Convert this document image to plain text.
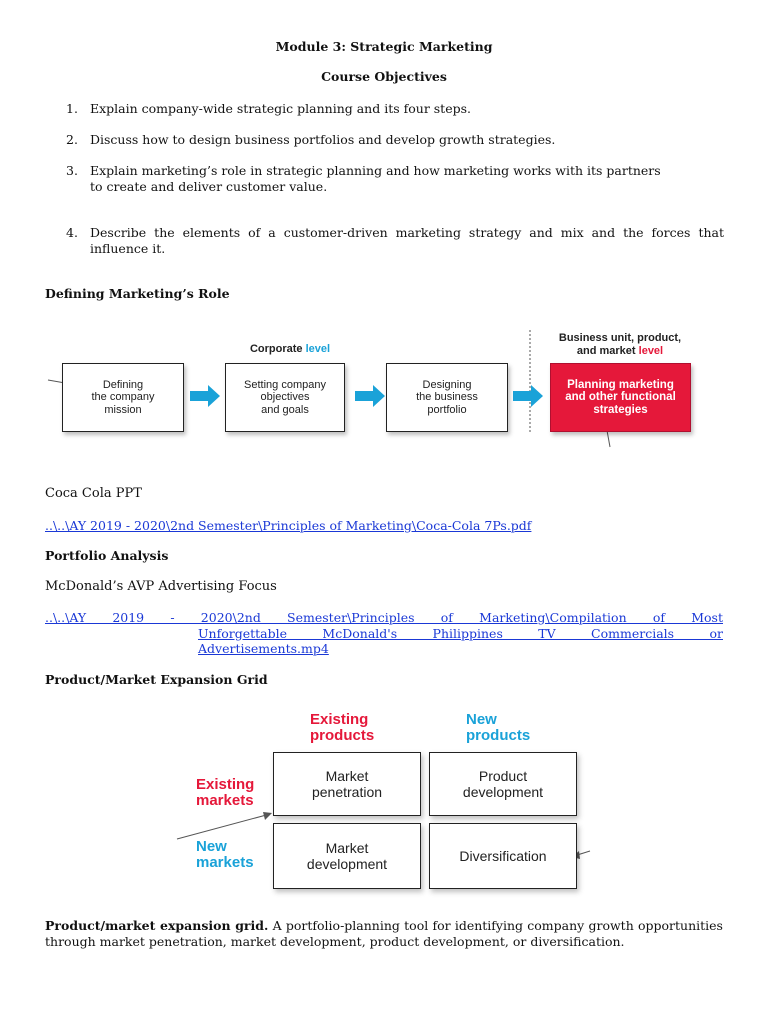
Module 3: Strategic Marketing
Course Objectives
1. Explain company-wide strategic planning and its four steps.
2. Discuss how to design business portfolios and develop growth strategies.
3. Explain marketing’s role in strategic planning and how marketing works with its partners
to create and deliver customer value.
4. Describe the elements of a customer-driven marketing strategy and mix and the forces that influence it.
Defining Marketing’s Role
Corporate level
Business unit, product,
and market level
Defining
the company
mission
Setting company
objectives
and goals
Designing
the business
portfolio
Planning marketing
and other functional
strategies
Coca Cola PPT
..\..\AY 2019 - 2020\2nd Semester\Principles of Marketing\Coca-Cola 7Ps.pdf
Portfolio Analysis
McDonald’s AVP Advertising Focus
..\..\AY 2019 - 2020\2nd Semester\Principles of Marketing\Compilation of Most
Unforgettable McDonald's Philippines TV Commercials or
Advertisements.mp4
Product/Market Expansion Grid
Existing
products
New
products
Existing
markets
New
markets
Market
penetration
Product
development
Market
development	Diversification
Product/market expansion grid. A portfolio-planning tool for identifying company growth opportunities through market penetration, market development, product development, or diversification.
